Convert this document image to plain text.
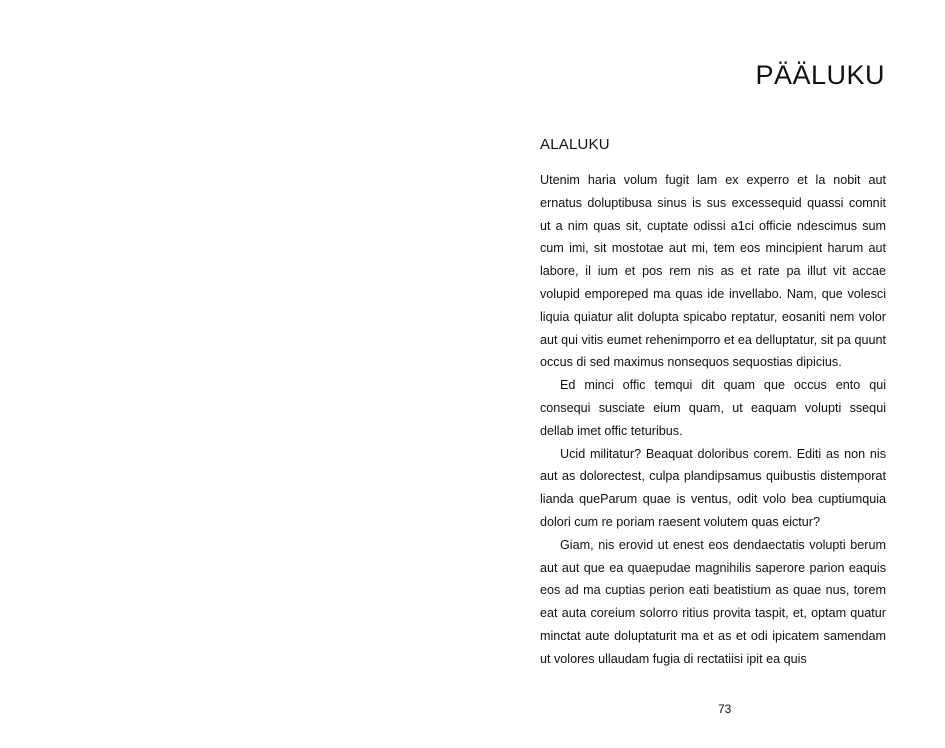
PÄÄLUKU
ALALUKU

Utenim haria volum fugit lam ex experro et la nobit aut ernatus doluptibusa sinus is sus excessequid quassi comnit ut a nim quas sit, cuptate odissi a1ci officie ndescimus sum cum imi, sit mostotae aut mi, tem eos mincipient harum aut labore, il ium et pos rem nis as et rate pa illut vit accae volupid emporeped ma quas ide invellabo. Nam, que volesci liquia quiatur alit dolupta spicabo reptatur, eosaniti nem volor aut qui vitis eumet rehenimporro et ea delluptatur, sit pa quunt occus di sed maximus nonsequos sequostias dipicius.

Ed minci offic temqui dit quam que occus ento qui consequi susciate eium quam, ut eaquam volupti ssequi dellab imet offic teturibus.

Ucid militatur? Beaquat doloribus corem. Editi as non nis aut as dolorectest, culpa plandipsamus quibustis distemporat lianda queParum quae is ventus, odit volo bea cuptiumquia dolori cum re poriam raesent volutem quas eictur?

Giam, nis erovid ut enest eos dendaectatis volupti berum aut aut que ea quaepudae magnihilis saperore parion eaquis eos ad ma cuptias perion eati beatistium as quae nus, torem eat auta coreium solorro ritius provita taspit, et, optam quatur minctat aute doluptaturit ma et as et odi ipicatem samendam ut volores ullaudam fugia di rectatiisi ipit ea quis

73
